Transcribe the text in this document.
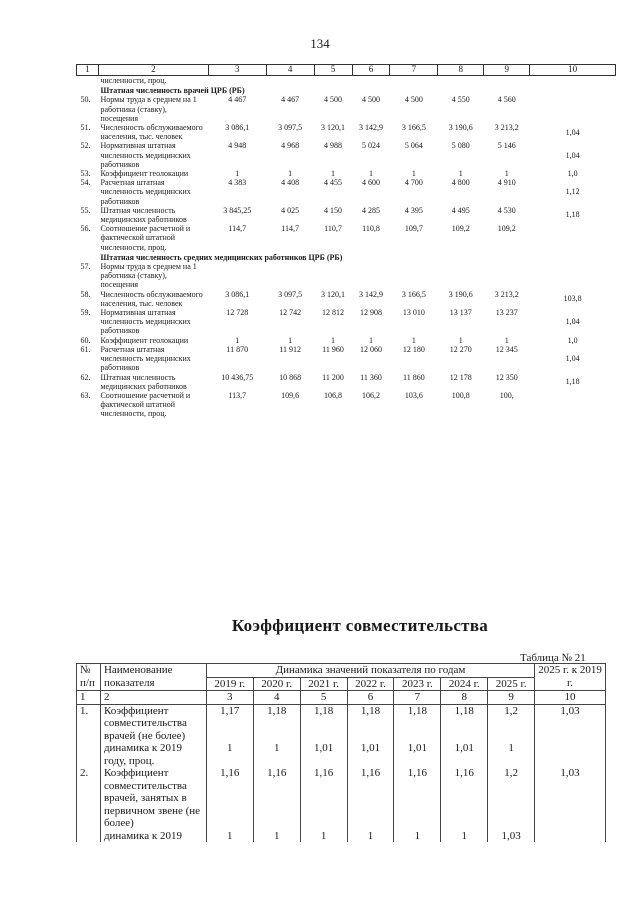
134
1	2	3	4	5	6	7	8	9	10
	численности, проц.								
	Штатная численность врачей ЦРБ (РБ)								
50.	Нормы труда в среднем на 1 работника (ставку), посещения	4 467	4 467	4 500	4 500	4 500	4 550	4 560	
51.	Численность обслуживаемого населения, тыс. человек	3 086,1	3 097,5	3 120,1	3 142,9	3 166,5	3 190,6	3 213,2	1,04
52.	Нормативная штатная численность медицинских работников	4 948	4 968	4 988	5 024	5 064	5 080	5 146	1,04
53.	Коэффициент геолокации	1	1	1	1	1	1	1	1,0
54.	Расчетная штатная численность медицинских работников	4 383	4 408	4 455	4 600	4 700	4 800	4 910	1,12
55.	Штатная численность медицинских работников	3 845,25	4 025	4 150	4 285	4 395	4 495	4 530	1,18
56.	Соотношение расчетной и фактической штатной численности, проц.	114,7	114,7	110,7	110,8	109,7	109,2	109,2	
	Штатная численность средних медицинских работников ЦРБ (РБ)								
57.	Нормы труда в среднем на 1 работника (ставку), посещения								
58.	Численность обслуживаемого населения, тыс. человек	3 086,1	3 097,5	3 120,1	3 142,9	3 166,5	3 190,6	3 213,2	103,8
59.	Нормативная штатная численность медицинских работников	12 728	12 742	12 812	12 908	13 010	13 137	13 237	1,04
60.	Коэффициент геолокации	1	1	1	1	1	1	1	1,0
61.	Расчетная штатная численность медицинских работников	11 870	11 912	11 960	12 060	12 180	12 270	12 345	1,04
62.	Штатная численность медицинских работников	10 436,75	10 868	11 200	11 360	11 860	12 178	12 350	1,18
63.	Соотношение расчетной и фактической штатной численности, проц.	113,7	109,6	106,8	106,2	103,6	100,8	100,	
Коэффициент совместительства
Таблица № 21
№ п/п	Наименование показателя	Динамика значений показателя по годам							2025 г. к 2019 г.
		2019 г.	2020 г.	2021 г.	2022 г.	2023 г.	2024 г.	2025 г.	
1	2	3	4	5	6	7	8	9	10
1.	Коэффициент совместительства врачей (не более)	1,17	1,18	1,18	1,18	1,18	1,18	1,2	1,03
	динамика к 2019 году, проц.	1	1	1,01	1,01	1,01	1,01	1	
2.	Коэффициент совместительства врачей, занятых в первичном звене (не более)	1,16	1,16	1,16	1,16	1,16	1,16	1,2	1,03
	динамика к 2019	1	1	1	1	1	1	1,03	
